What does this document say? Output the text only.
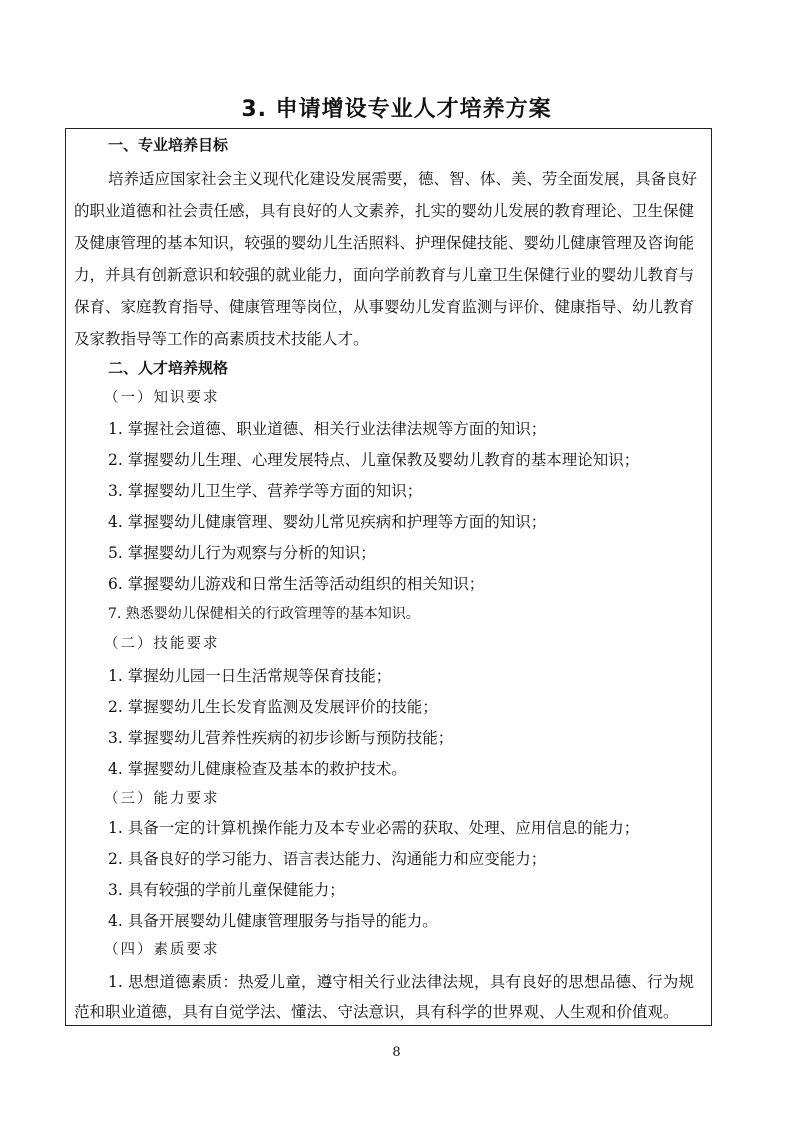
3. 申请增设专业人才培养方案
一、专业培养目标
培养适应国家社会主义现代化建设发展需要，德、智、体、美、劳全面发展，具备良好
的职业道德和社会责任感，具有良好的人文素养，扎实的婴幼儿发展的教育理论、卫生保健
及健康管理的基本知识，较强的婴幼儿生活照料、护理保健技能、婴幼儿健康管理及咨询能
力，并具有创新意识和较强的就业能力，面向学前教育与儿童卫生保健行业的婴幼儿教育与
保育、家庭教育指导、健康管理等岗位，从事婴幼儿发育监测与评价、健康指导、幼儿教育
及家教指导等工作的高素质技术技能人才。
二、人才培养规格
（一）知识要求
1. 掌握社会道德、职业道德、相关行业法律法规等方面的知识；
2. 掌握婴幼儿生理、心理发展特点、儿童保教及婴幼儿教育的基本理论知识；
3. 掌握婴幼儿卫生学、营养学等方面的知识；
4. 掌握婴幼儿健康管理、婴幼儿常见疾病和护理等方面的知识；
5. 掌握婴幼儿行为观察与分析的知识；
6. 掌握婴幼儿游戏和日常生活等活动组织的相关知识；
7. 熟悉婴幼儿保健相关的行政管理等的基本知识。
（二）技能要求
1. 掌握幼儿园一日生活常规等保育技能；
2. 掌握婴幼儿生长发育监测及发展评价的技能；
3. 掌握婴幼儿营养性疾病的初步诊断与预防技能；
4. 掌握婴幼儿健康检查及基本的救护技术。
（三）能力要求
1. 具备一定的计算机操作能力及本专业必需的获取、处理、应用信息的能力；
2. 具备良好的学习能力、语言表达能力、沟通能力和应变能力；
3. 具有较强的学前儿童保健能力；
4. 具备开展婴幼儿健康管理服务与指导的能力。
（四）素质要求
1. 思想道德素质：热爱儿童，遵守相关行业法律法规，具有良好的思想品德、行为规
范和职业道德，具有自觉学法、懂法、守法意识，具有科学的世界观、人生观和价值观。
8
